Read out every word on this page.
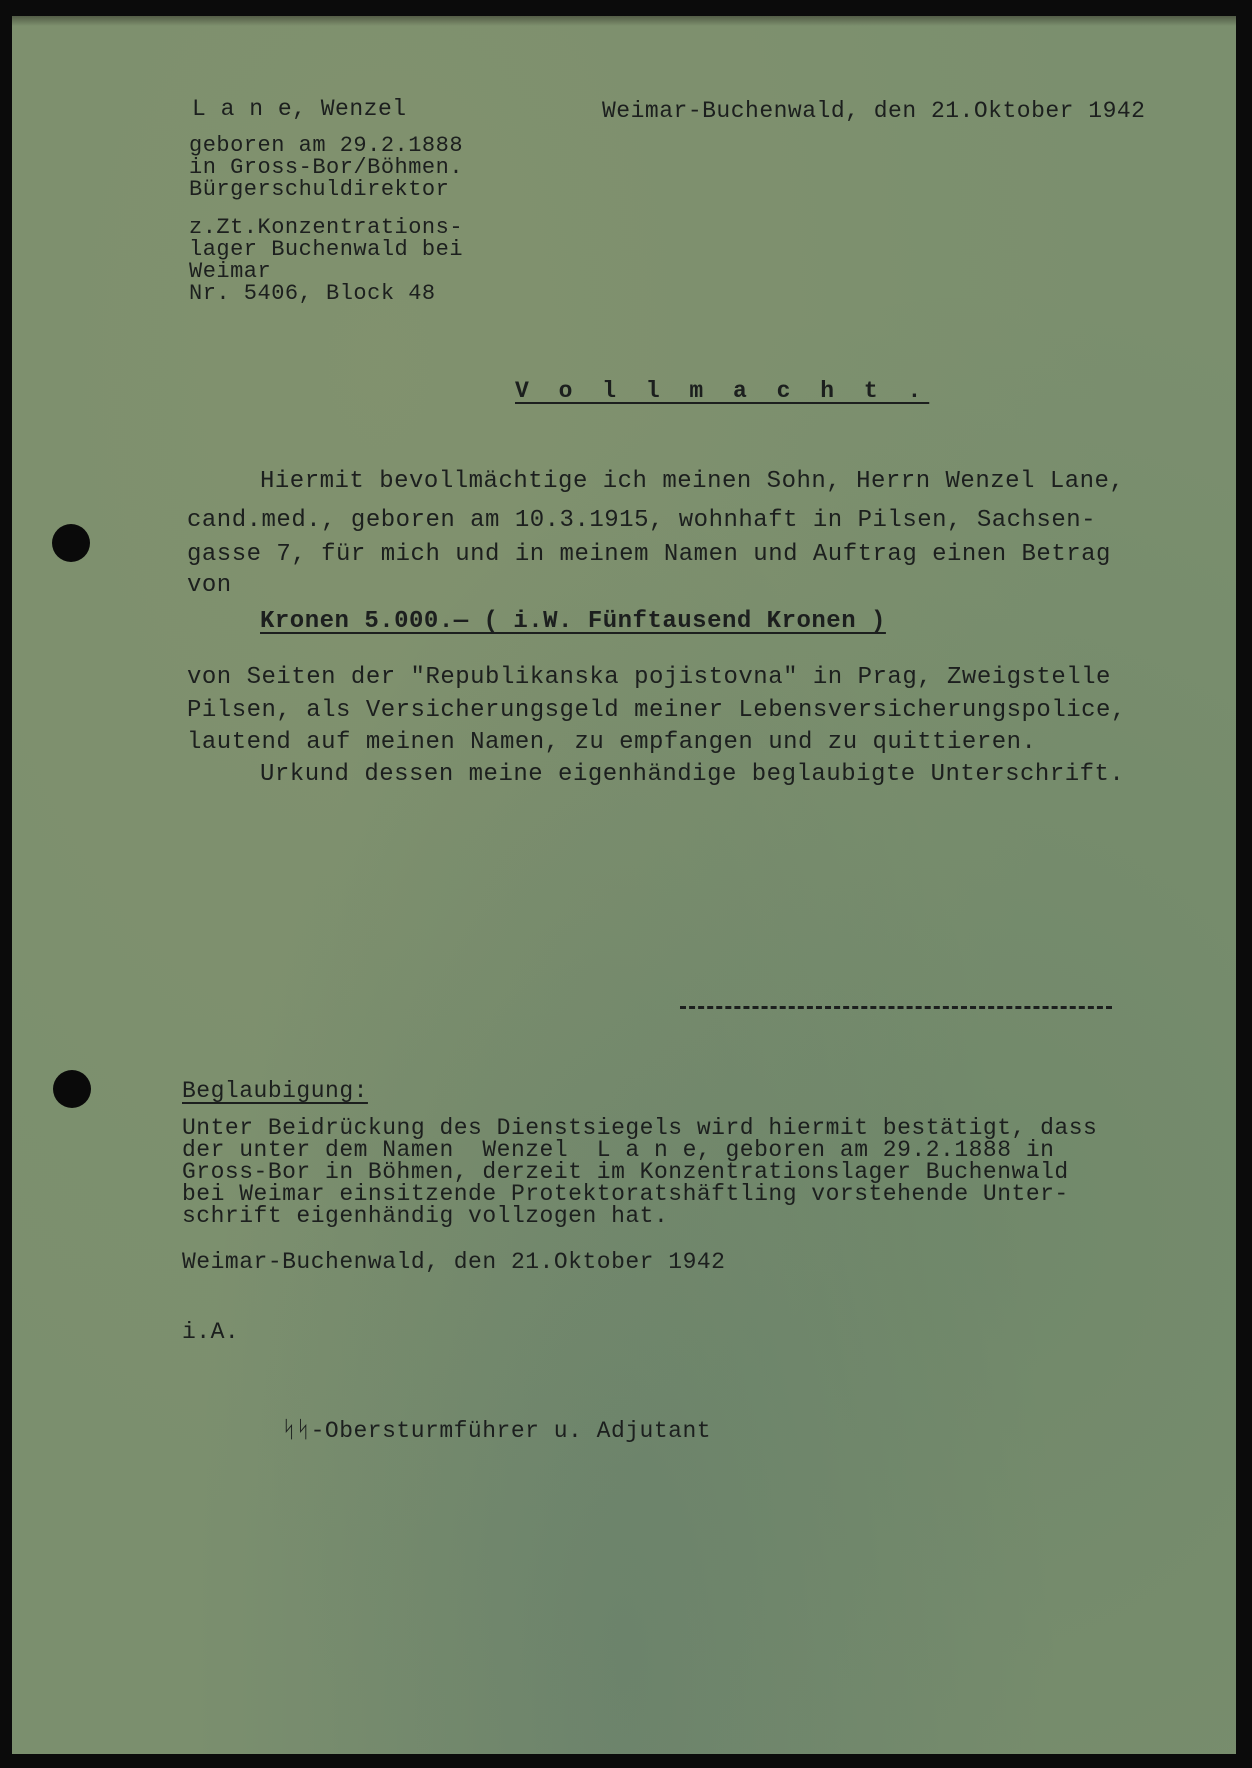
L a n e, Wenzel

geboren am 29.2.1888

in Gross-Bor/Böhmen.

Bürgerschuldirektor

z.Zt.Konzentrations-

lager Buchenwald bei

Weimar

Nr. 5406, Block 48

Weimar-Buchenwald, den 21.Oktober 1942

V o l l m a c h t .

Hiermit bevollmächtige ich meinen Sohn, Herrn Wenzel Lane,

cand.med., geboren am 10.3.1915, wohnhaft in Pilsen, Sachsen-

gasse 7, für mich und in meinem Namen und Auftrag einen Betrag

von

Kronen 5.000.— ( i.W. Fünftausend Kronen )

von Seiten der "Republikanska pojistovna" in Prag, Zweigstelle

Pilsen, als Versicherungsgeld meiner Lebensversicherungspolice,

lautend auf meinen Namen, zu empfangen und zu quittieren.

Urkund dessen meine eigenhändige beglaubigte Unterschrift.

Beglaubigung:

Unter Beidrückung des Dienstsiegels wird hiermit bestätigt, dass

der unter dem Namen  Wenzel  L a n e, geboren am 29.2.1888 in

Gross-Bor in Böhmen, derzeit im Konzentrationslager Buchenwald

bei Weimar einsitzende Protektoratshäftling vorstehende Unter-

schrift eigenhändig vollzogen hat.

Weimar-Buchenwald, den 21.Oktober 1942

i.A.

ᛋᛋ-Obersturmführer u. Adjutant
